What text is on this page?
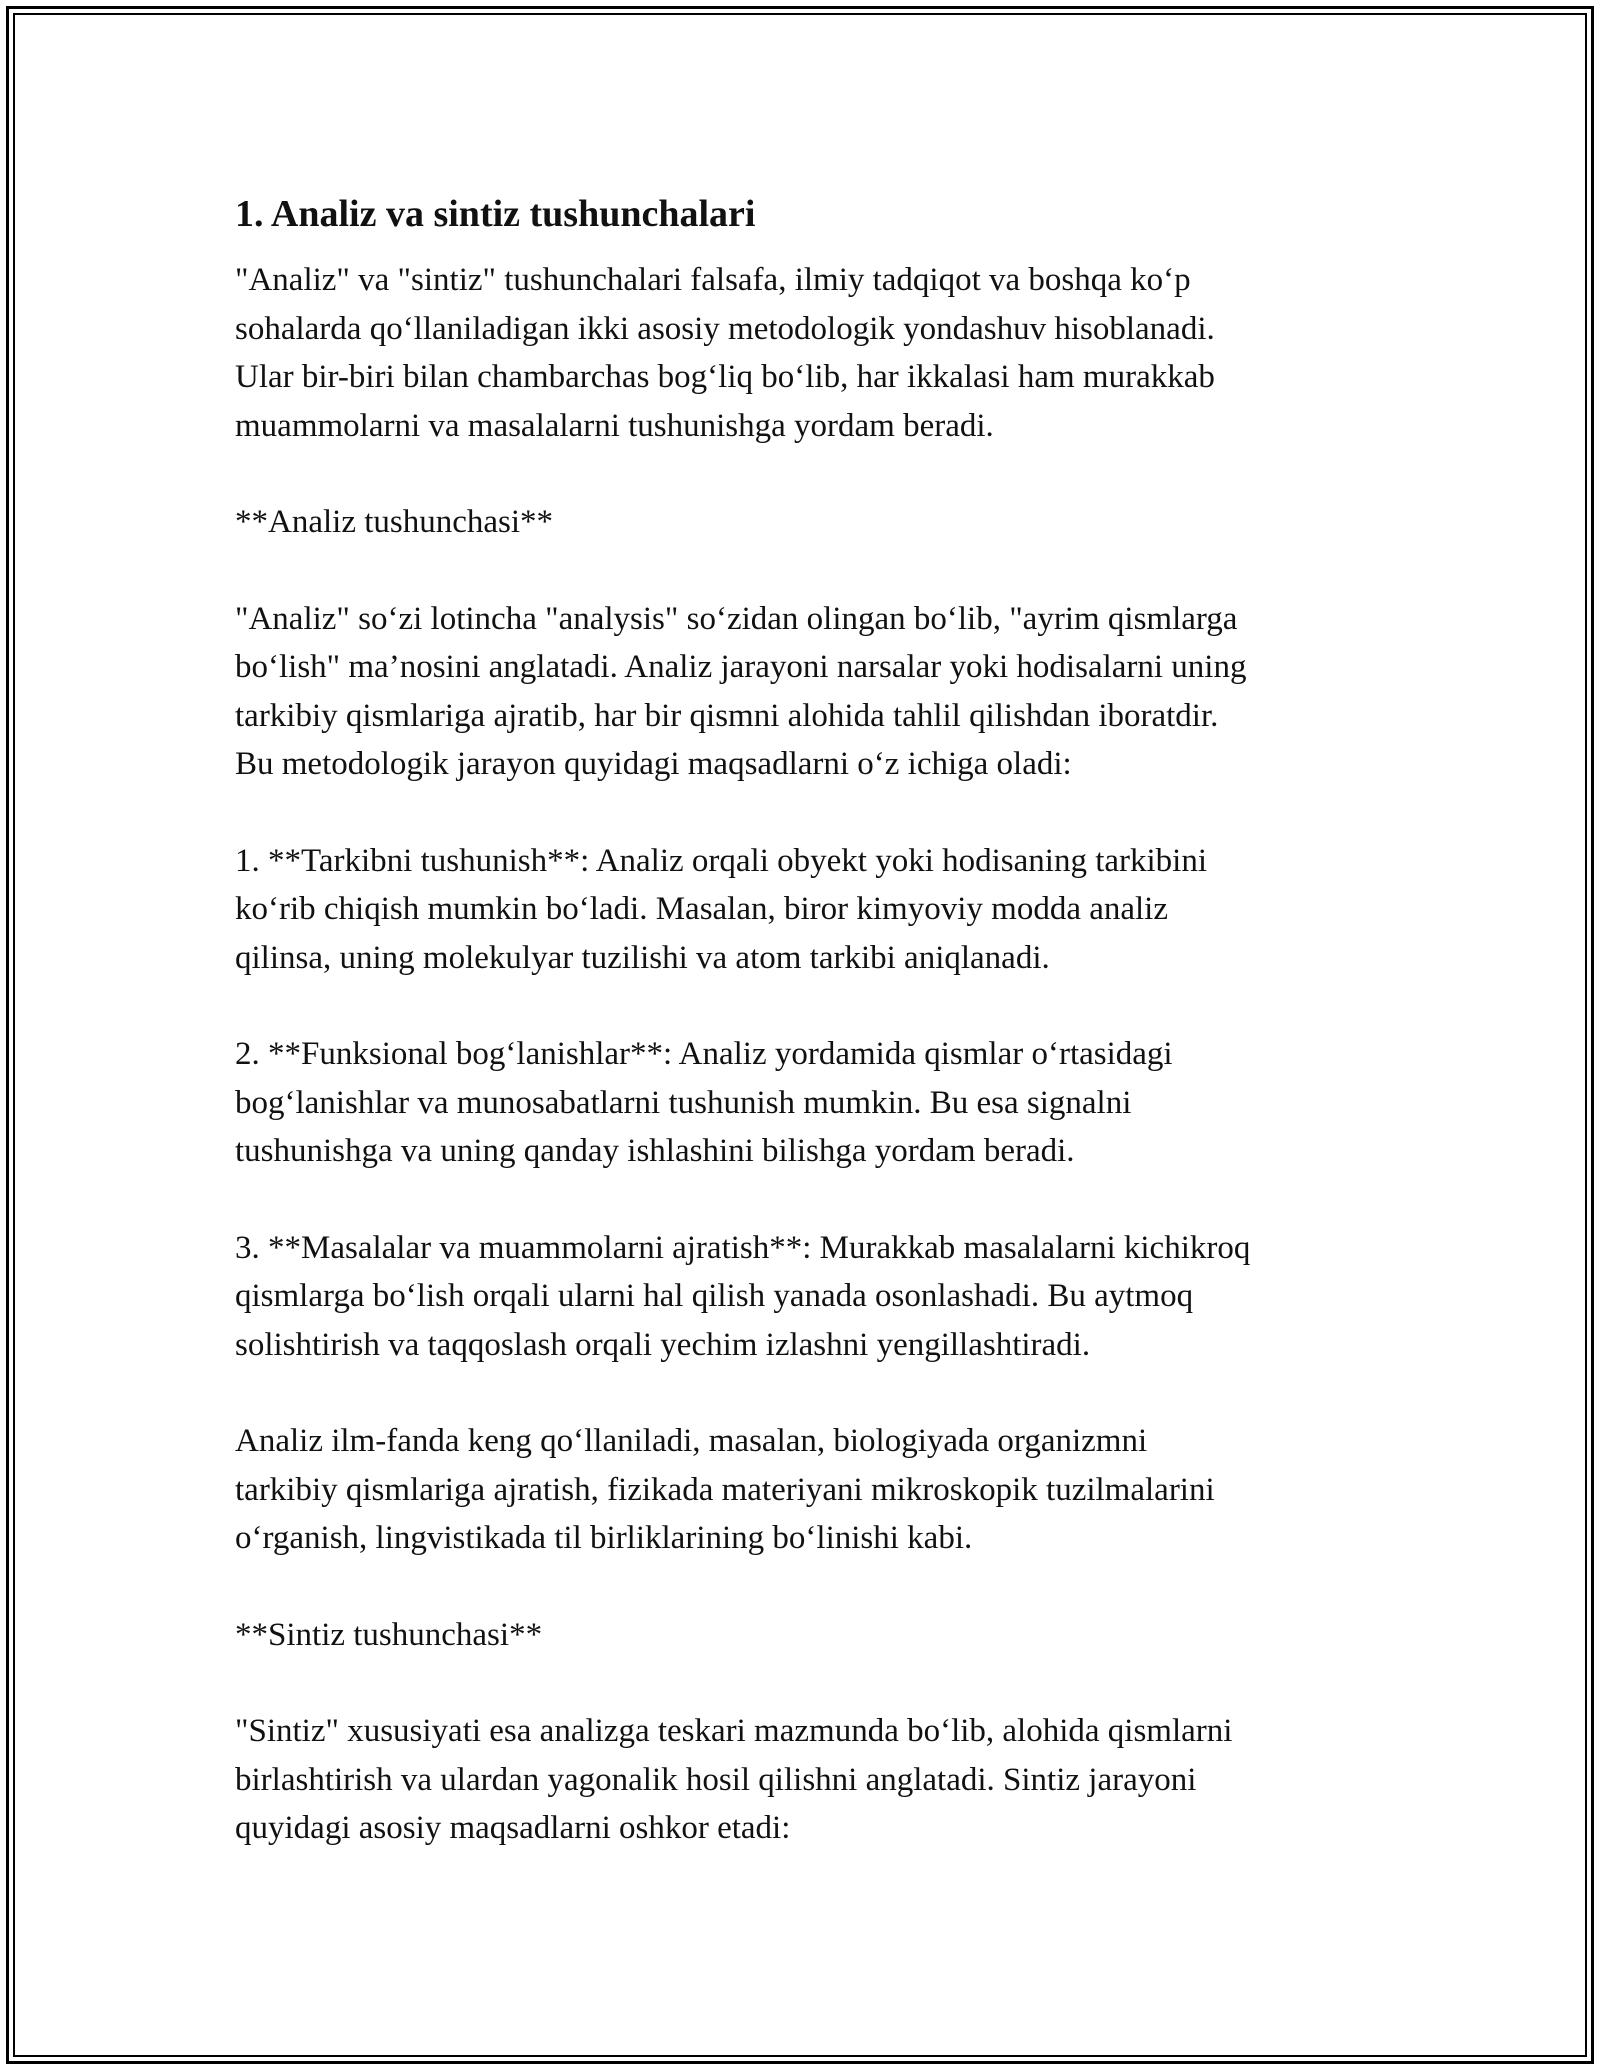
1. Analiz va sintiz tushunchalari

"Analiz" va "sintiz" tushunchalari falsafa, ilmiy tadqiqot va boshqa ko‘p
sohalarda qo‘llaniladigan ikki asosiy metodologik yondashuv hisoblanadi.
Ular bir-biri bilan chambarchas bog‘liq bo‘lib, har ikkalasi ham murakkab
muammolarni va masalalarni tushunishga yordam beradi.

**Analiz tushunchasi**

"Analiz" so‘zi lotincha "analysis" so‘zidan olingan bo‘lib, "ayrim qismlarga
bo‘lish" ma’nosini anglatadi. Analiz jarayoni narsalar yoki hodisalarni uning
tarkibiy qismlariga ajratib, har bir qismni alohida tahlil qilishdan iboratdir.
Bu metodologik jarayon quyidagi maqsadlarni o‘z ichiga oladi:

1. **Tarkibni tushunish**: Analiz orqali obyekt yoki hodisaning tarkibini
ko‘rib chiqish mumkin bo‘ladi. Masalan, biror kimyoviy modda analiz
qilinsa, uning molekulyar tuzilishi va atom tarkibi aniqlanadi.

2. **Funksional bog‘lanishlar**: Analiz yordamida qismlar o‘rtasidagi
bog‘lanishlar va munosabatlarni tushunish mumkin. Bu esa signalni
tushunishga va uning qanday ishlashini bilishga yordam beradi.

3. **Masalalar va muammolarni ajratish**: Murakkab masalalarni kichikroq
qismlarga bo‘lish orqali ularni hal qilish yanada osonlashadi. Bu aytmoq
solishtirish va taqqoslash orqali yechim izlashni yengillashtiradi.

Analiz ilm-fanda keng qo‘llaniladi, masalan, biologiyada organizmni
tarkibiy qismlariga ajratish, fizikada materiyani mikroskopik tuzilmalarini
o‘rganish, lingvistikada til birliklarining bo‘linishi kabi.

**Sintiz tushunchasi**

"Sintiz" xususiyati esa analizga teskari mazmunda bo‘lib, alohida qismlarni
birlashtirish va ulardan yagonalik hosil qilishni anglatadi. Sintiz jarayoni
quyidagi asosiy maqsadlarni oshkor etadi:
